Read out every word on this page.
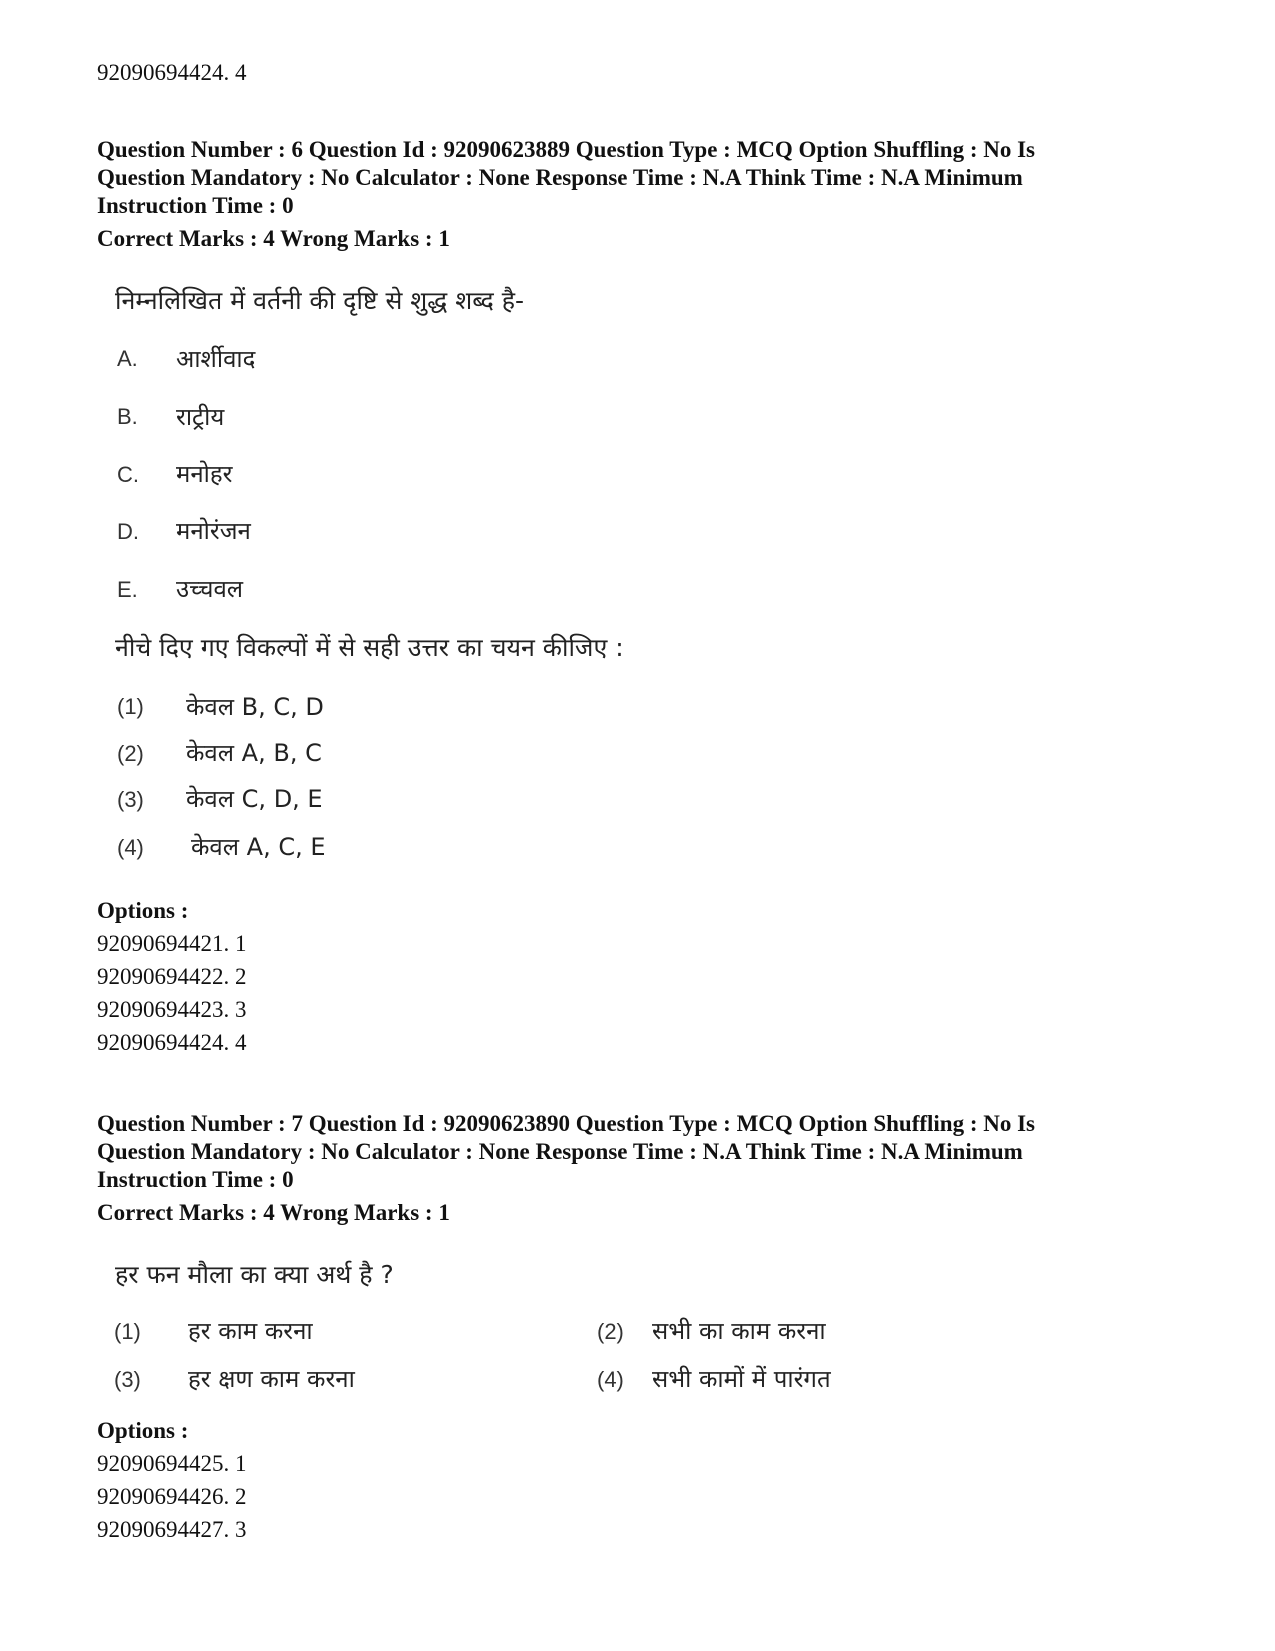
92090694424. 4
Question Number : 6 Question Id : 92090623889 Question Type : MCQ Option Shuffling : No Is
Question Mandatory : No Calculator : None Response Time : N.A Think Time : N.A Minimum
Instruction Time : 0
Correct Marks : 4 Wrong Marks : 1
निम्नलिखित में वर्तनी की दृष्टि से शुद्ध शब्द है-
A. आर्शीवाद
B. राट्रीय
C. मनोहर
D. मनोरंजन
E. उच्चवल
नीचे दिए गए विकल्पों में से सही उत्तर का चयन कीजिए :
(1) केवल B, C, D
(2) केवल A, B, C
(3) केवल C, D, E
(4) केवल A, C, E
Options :
92090694421. 1
92090694422. 2
92090694423. 3
92090694424. 4
Question Number : 7 Question Id : 92090623890 Question Type : MCQ Option Shuffling : No Is
Question Mandatory : No Calculator : None Response Time : N.A Think Time : N.A Minimum
Instruction Time : 0
Correct Marks : 4 Wrong Marks : 1
हर फन मौला का क्या अर्थ है ?
(1) हर काम करना	(2) सभी का काम करना
(3) हर क्षण काम करना	(4) सभी कामों में पारंगत
Options :
92090694425. 1
92090694426. 2
92090694427. 3
